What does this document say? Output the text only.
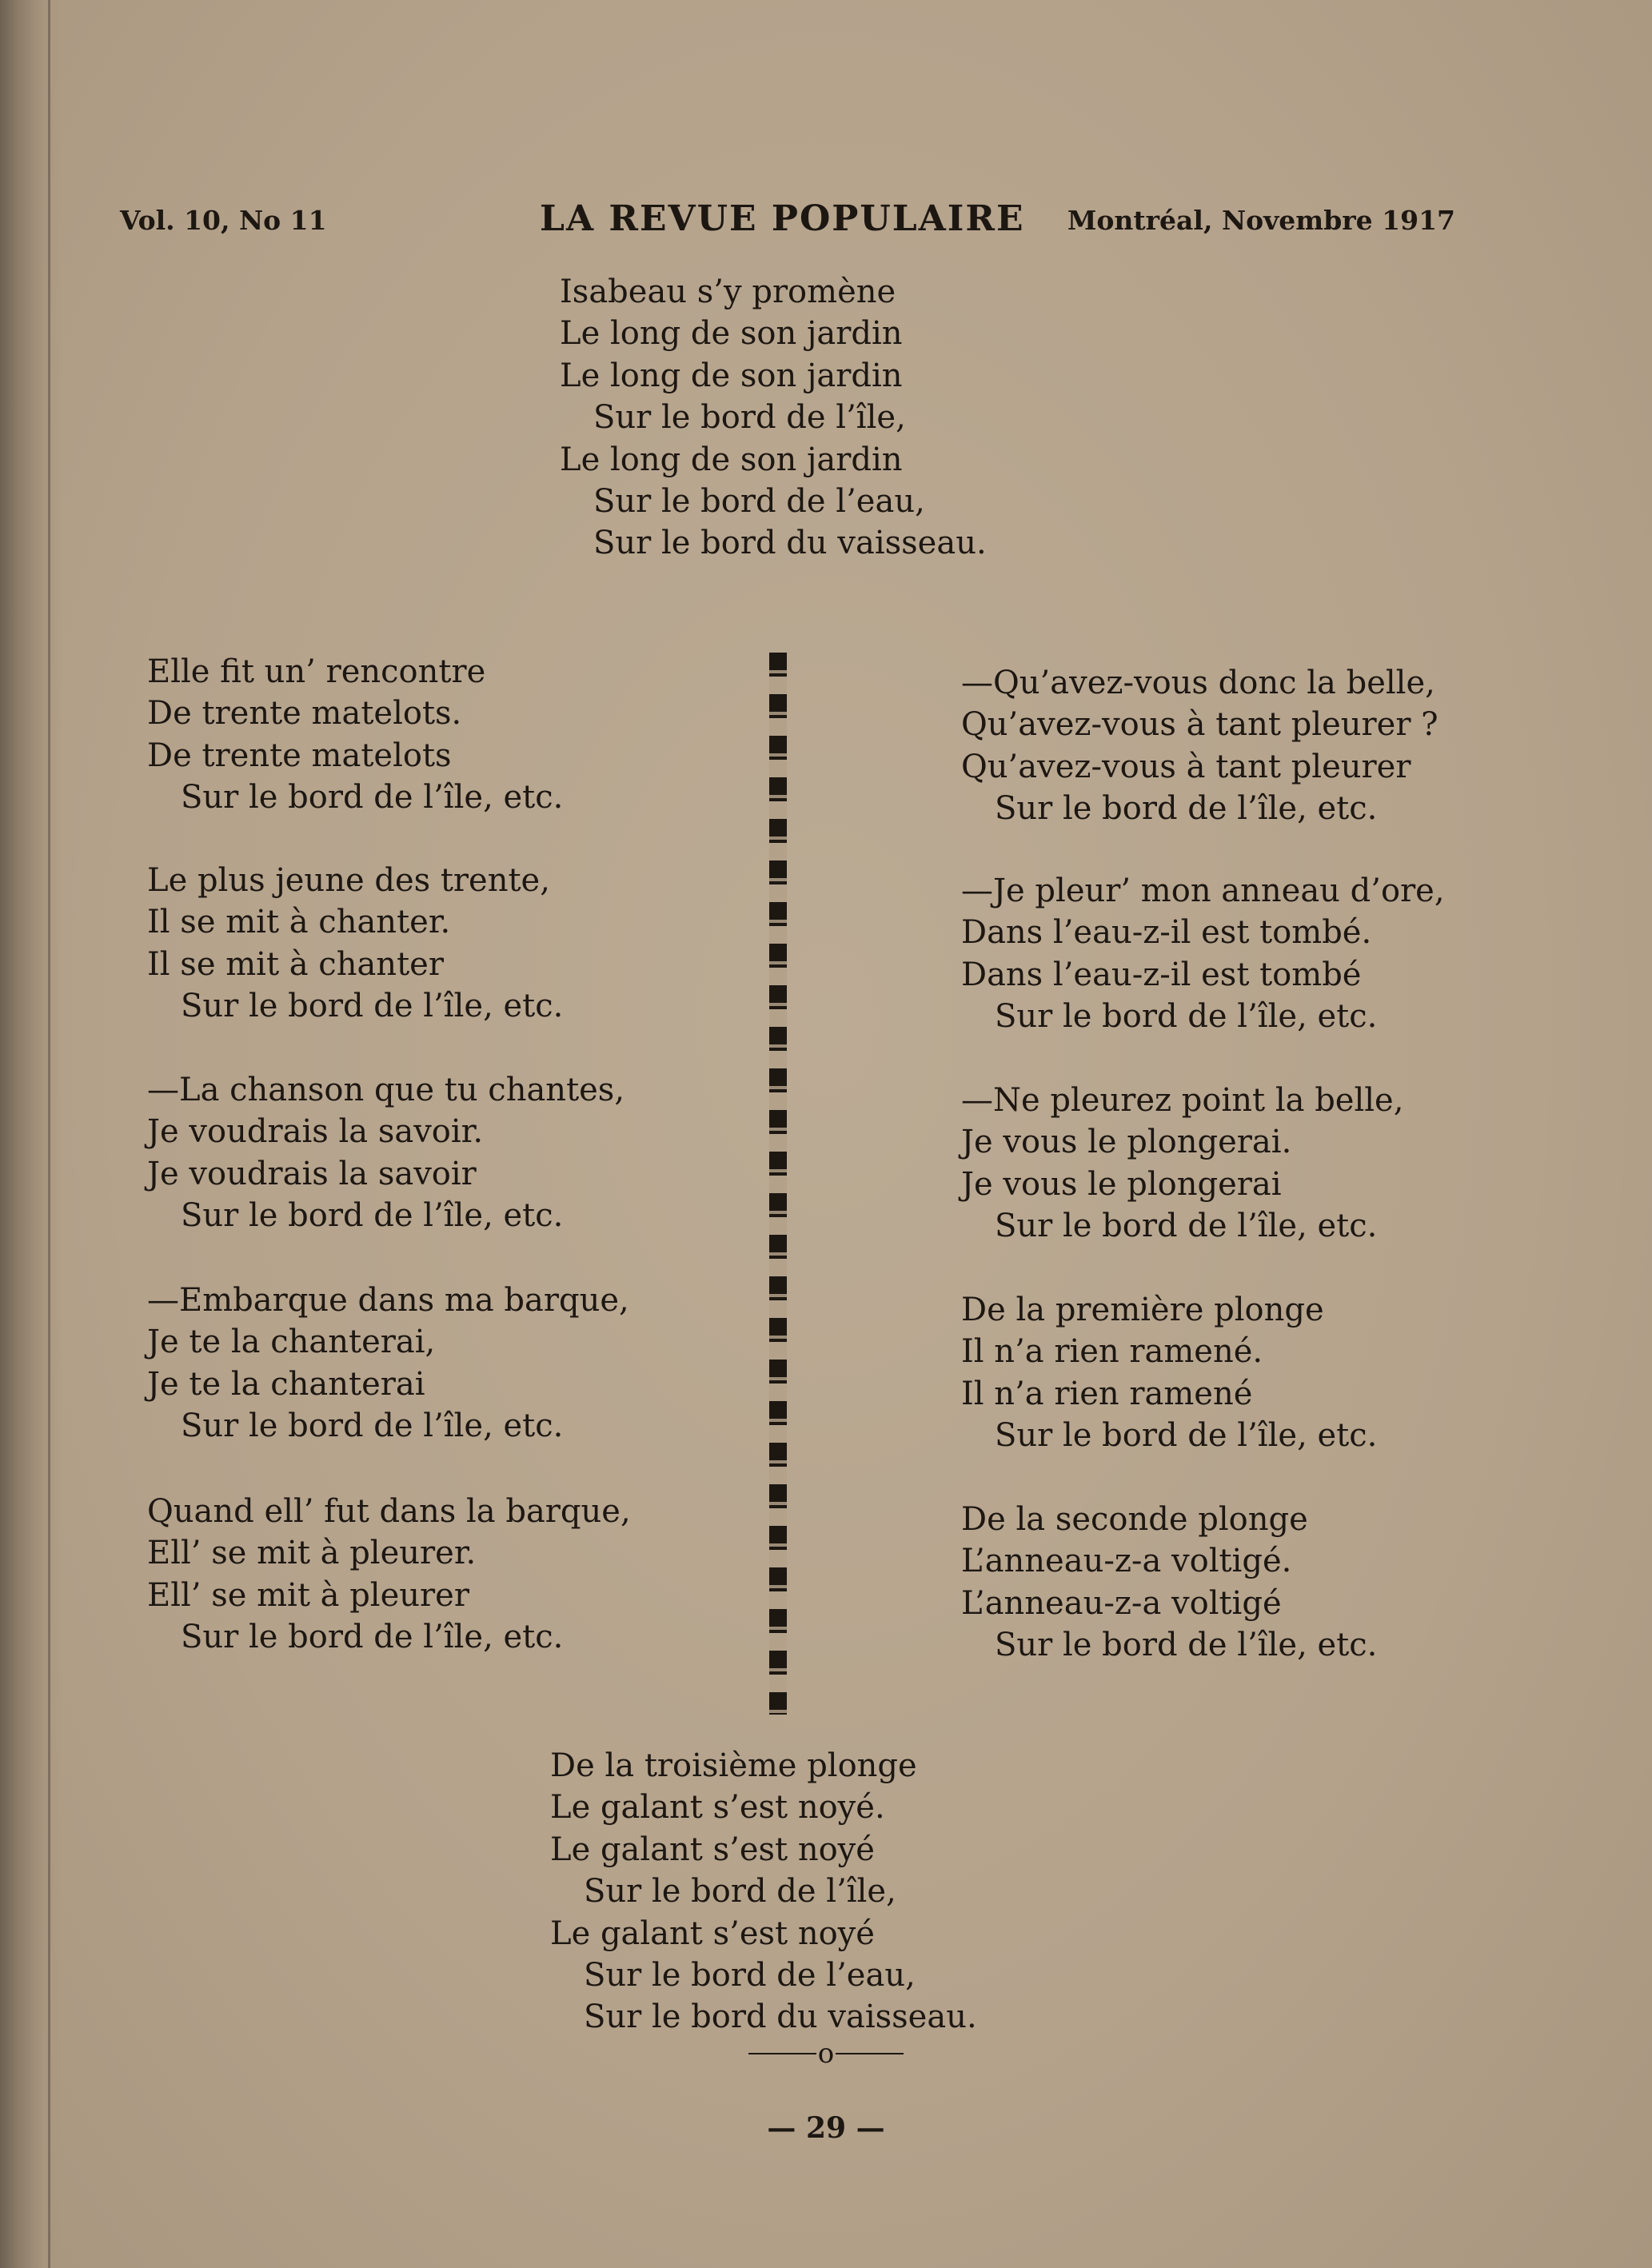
Vol. 10, No 11	LA REVUE POPULAIRE Montréal, Novembre 1917
Isabeau s’y promène
Le long de son jardin
Le long de son jardin
Sur le bord de l’île,
Le long de son jardin
Sur le bord de l’eau,
Sur le bord du vaisseau.
Elle fit un’ rencontre
De trente matelots.
De trente matelots
Sur le bord de l’île, etc.
Le plus jeune des trente,
Il se mit à chanter.
Il se mit à chanter
Sur le bord de l’île, etc.
—La chanson que tu chantes,
Je voudrais la savoir.
Je voudrais la savoir
Sur le bord de l’île, etc.
—Embarque dans ma barque,
Je te la chanterai,
Je te la chanterai
Sur le bord de l’île, etc.
Quand ell’ fut dans la barque,
Ell’ se mit à pleurer.
Ell’ se mit à pleurer
Sur le bord de l’île, etc.
—Qu’avez-vous donc la belle,
Qu’avez-vous à tant pleurer ?
Qu’avez-vous à tant pleurer
Sur le bord de l’île, etc.
—Je pleur’ mon anneau d’ore,
Dans l’eau-z-il est tombé.
Dans l’eau-z-il est tombé
Sur le bord de l’île, etc.
—Ne pleurez point la belle,
Je vous le plongerai.
Je vous le plongerai
Sur le bord de l’île, etc.
De la première plonge
Il n’a rien ramené.
Il n’a rien ramené
Sur le bord de l’île, etc.
De la seconde plonge
L’anneau-z-a voltigé.
L’anneau-z-a voltigé
Sur le bord de l’île, etc.
De la troisième plonge
Le galant s’est noyé.
Le galant s’est noyé
Sur le bord de l’île,
Le galant s’est noyé
Sur le bord de l’eau,
Sur le bord du vaisseau.
o
— 29 —
